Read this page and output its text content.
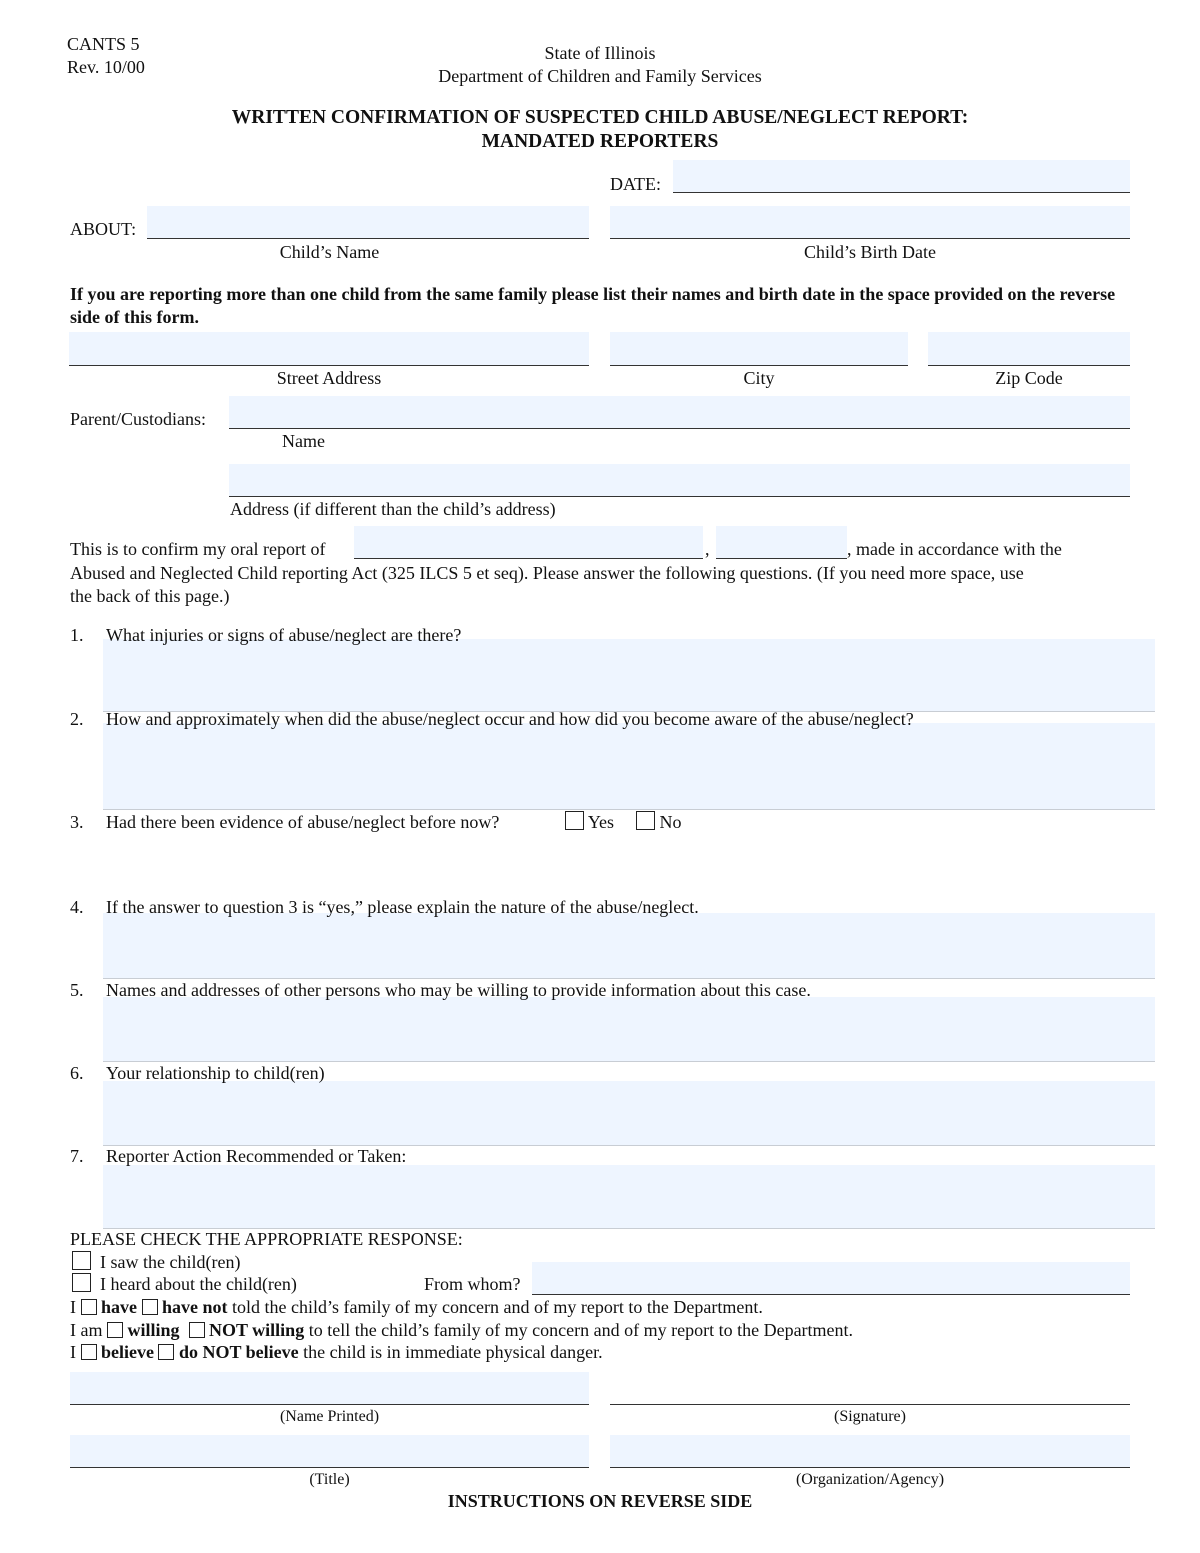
CANTS 5
Rev. 10/00
State of Illinois
Department of Children and Family Services
WRITTEN CONFIRMATION OF SUSPECTED CHILD ABUSE/NEGLECT REPORT:
MANDATED REPORTERS
DATE:
ABOUT:
Child’s Name	Child’s Birth Date
If you are reporting more than one child from the same family please list their names and birth date in the space provided on the reverse side of this form.
Street Address	City	Zip Code
Parent/Custodians:
Name
Address (if different than the child’s address)
This is to confirm my oral report of	,	, made in accordance with the
Abused and Neglected Child reporting Act (325 ILCS 5 et seq). Please answer the following questions. (If you need more space, use
the back of this page.)
1. What injuries or signs of abuse/neglect are there?
2. How and approximately when did the abuse/neglect occur and how did you become aware of the abuse/neglect?
3. Had there been evidence of abuse/neglect before now?	Yes	No
4. If the answer to question 3 is “yes,” please explain the nature of the abuse/neglect.
5. Names and addresses of other persons who may be willing to provide information about this case.
6. Your relationship to child(ren)
7. Reporter Action Recommended or Taken:
PLEASE CHECK THE APPROPRIATE RESPONSE:
I saw the child(ren)
I heard about the child(ren)	From whom?
I have have not told the child’s family of my concern and of my report to the Department.
I am willing NOT willing to tell the child’s family of my concern and of my report to the Department.
I believe do NOT believe the child is in immediate physical danger.
(Name Printed)	(Signature)
(Title)	(Organization/Agency)
INSTRUCTIONS ON REVERSE SIDE
